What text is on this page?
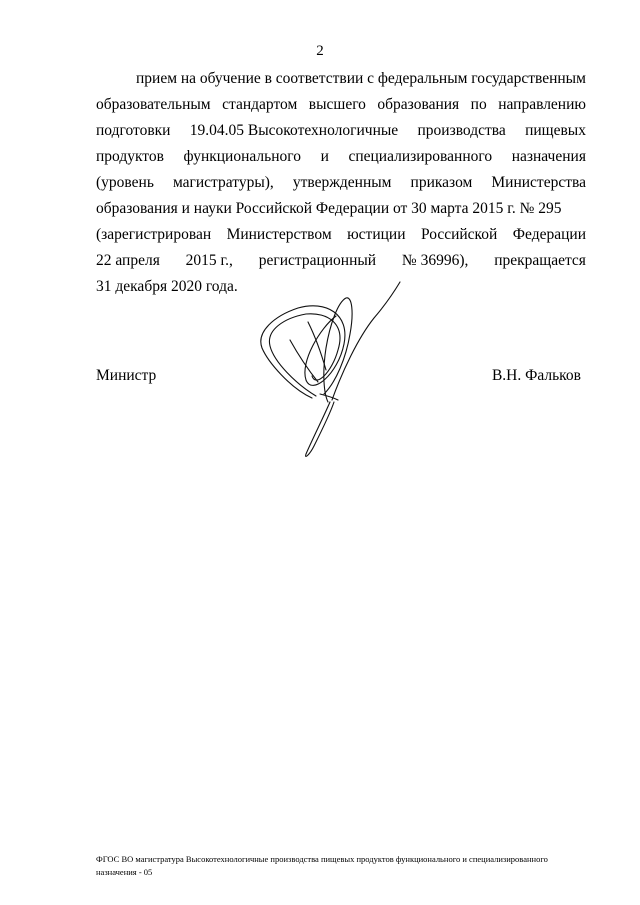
2
прием на обучение в соответствии с федеральным государственным
образовательным стандартом высшего образования по направлению
подготовки 19.04.05 Высокотехнологичные производства пищевых
продуктов функционального и специализированного назначения
(уровень магистратуры), утвержденным приказом Министерства
образования и науки Российской Федерации от 30 марта 2015 г. № 295
(зарегистрирован Министерством юстиции Российской Федерации
22 апреля 2015 г., регистрационный № 36996), прекращается
31 декабря 2020 года.
Министр	В.Н. Фальков
ФГОС ВО магистратура Высокотехнологичные производства пищевых продуктов функционального и специализированного
назначения - 05
